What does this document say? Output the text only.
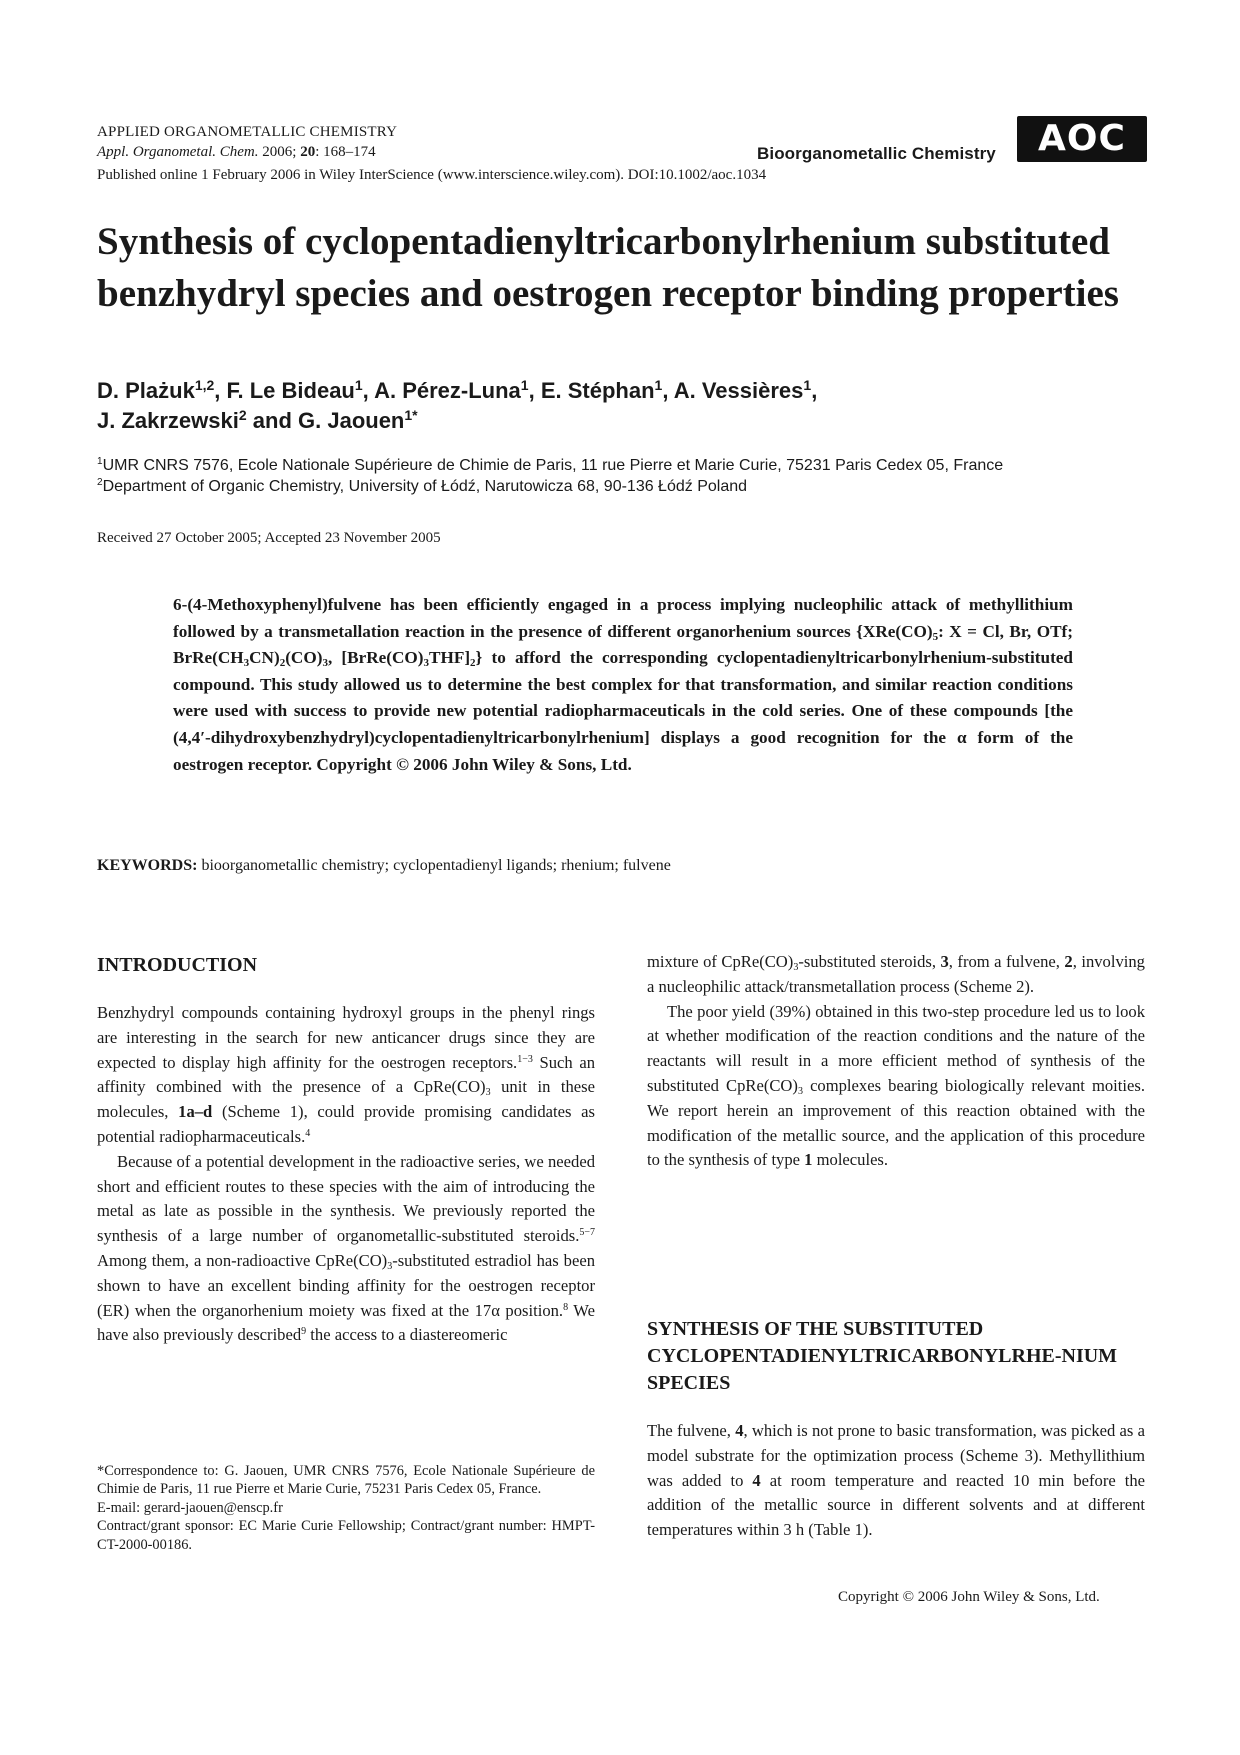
APPLIED ORGANOMETALLIC CHEMISTRY
Appl. Organometal. Chem. 2006; 20: 168–174
Published online 1 February 2006 in Wiley InterScience (www.interscience.wiley.com). DOI:10.1002/aoc.1034
Bioorganometallic Chemistry	AOC
Synthesis of cyclopentadienyltricarbonylrhenium substituted benzhydryl species and oestrogen receptor binding properties
D. Plażuk$^{1,2}$, F. Le Bideau$^1$, A. Pérez-Luna$^1$, E. Stéphan$^1$, A. Vessières$^1$,
J. Zakrzewski$^2$ and G. Jaouen$^{1*}$
$^1$UMR CNRS 7576, Ecole Nationale Supérieure de Chimie de Paris, 11 rue Pierre et Marie Curie, 75231 Paris Cedex 05, France
$^2$Department of Organic Chemistry, University of Łódź, Narutowicza 68, 90-136 Łódź Poland
Received 27 October 2005; Accepted 23 November 2005
6-(4-Methoxyphenyl)fulvene has been efficiently engaged in a process implying nucleophilic attack of methyllithium followed by a transmetallation reaction in the presence of different organorhenium sources {$XRe(CO)_5$: X = Cl, Br, OTf; $BrRe(CH_3CN)_2(CO)_3$, $[BrRe(CO)_3THF]_2$} to afford the corresponding cyclopentadienyltricarbonylrhenium-substituted compound. This study allowed us to determine the best complex for that transformation, and similar reaction conditions were used with success to provide new potential radiopharmaceuticals in the cold series. One of these compounds [the (4,4′-dihydroxybenzhydryl)cyclopentadienyltricarbonylrhenium] displays a good recognition for the α form of the oestrogen receptor. Copyright © 2006 John Wiley & Sons, Ltd.
KEYWORDS: bioorganometallic chemistry; cyclopentadienyl ligands; rhenium; fulvene
INTRODUCTION

Benzhydryl compounds containing hydroxyl groups in the phenyl rings are interesting in the search for new anticancer drugs since they are expected to display high affinity for the oestrogen receptors.$^{1-3}$ Such an affinity combined with the presence of a $CpRe(CO)_3$ unit in these molecules, 1a–d (Scheme 1), could provide promising candidates as potential radiopharmaceuticals.$^4$

Because of a potential development in the radioactive series, we needed short and efficient routes to these species with the aim of introducing the metal as late as possible in the synthesis. We previously reported the synthesis of a large number of organometallic-substituted steroids.$^{5-7}$ Among them, a non-radioactive $CpRe(CO)_3$-substituted estradiol has been shown to have an excellent binding affinity for the oestrogen receptor (ER) when the organorhenium moiety was fixed at the 17α position.$^8$ We have also previously described$^9$ the access to a diastereomeric

*Correspondence to: G. Jaouen, UMR CNRS 7576, Ecole Nationale Supérieure de Chimie de Paris, 11 rue Pierre et Marie Curie, 75231 Paris Cedex 05, France.
E-mail: gerard-jaouen@enscp.fr
Contract/grant sponsor: EC Marie Curie Fellowship; Contract/grant number: HMPT-CT-2000-00186.

mixture of $CpRe(CO)_3$-substituted steroids, 3, from a fulvene, 2, involving a nucleophilic attack/transmetallation process (Scheme 2).

The poor yield (39%) obtained in this two-step procedure led us to look at whether modification of the reaction conditions and the nature of the reactants will result in a more efficient method of synthesis of the substituted $CpRe(CO)_3$ complexes bearing biologically relevant moities. We report herein an improvement of this reaction obtained with the modification of the metallic source, and the application of this procedure to the synthesis of type 1 molecules.

SYNTHESIS OF THE SUBSTITUTED CYCLOPENTADIENYLTRICARBONYLRHE-NIUM SPECIES

The fulvene, 4, which is not prone to basic transformation, was picked as a model substrate for the optimization process (Scheme 3). Methyllithium was added to 4 at room temperature and reacted 10 min before the addition of the metallic source in different solvents and at different temperatures within 3 h (Table 1).

Copyright © 2006 John Wiley & Sons, Ltd.
